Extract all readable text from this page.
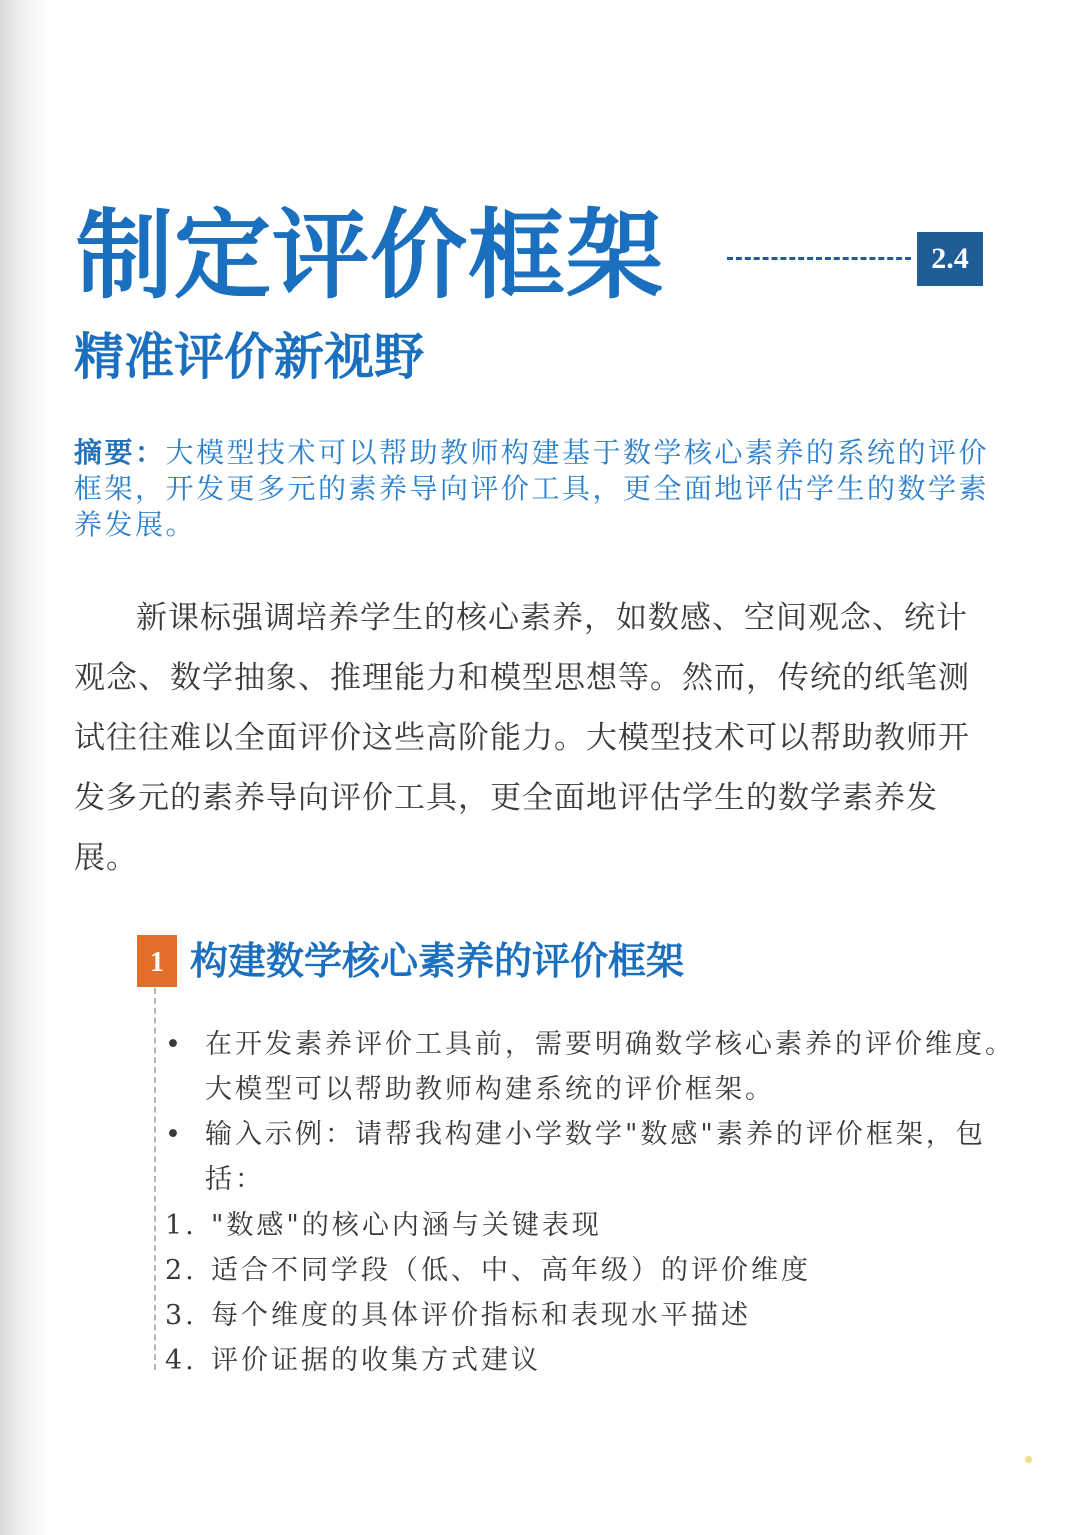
制定评价框架	2.4
精准评价新视野
摘要：大模型技术可以帮助教师构建基于数学核心素养的系统的评价框架，开发更多元的素养导向评价工具，更全面地评估学生的数学素养发展。

新课标强调培养学生的核心素养，如数感、空间观念、统计观念、数学抽象、推理能力和模型思想等。然而，传统的纸笔测试往往难以全面评价这些高阶能力。大模型技术可以帮助教师开发多元的素养导向评价工具，更全面地评估学生的数学素养发展。

1 构建数学核心素养的评价框架
• 在开发素养评价工具前，需要明确数学核心素养的评价维度。大模型可以帮助教师构建系统的评价框架。
• 输入示例：请帮我构建小学数学"数感"素养的评价框架，包括：
1. "数感"的核心内涵与关键表现
2. 适合不同学段（低、中、高年级）的评价维度
3. 每个维度的具体评价指标和表现水平描述
4. 评价证据的收集方式建议
